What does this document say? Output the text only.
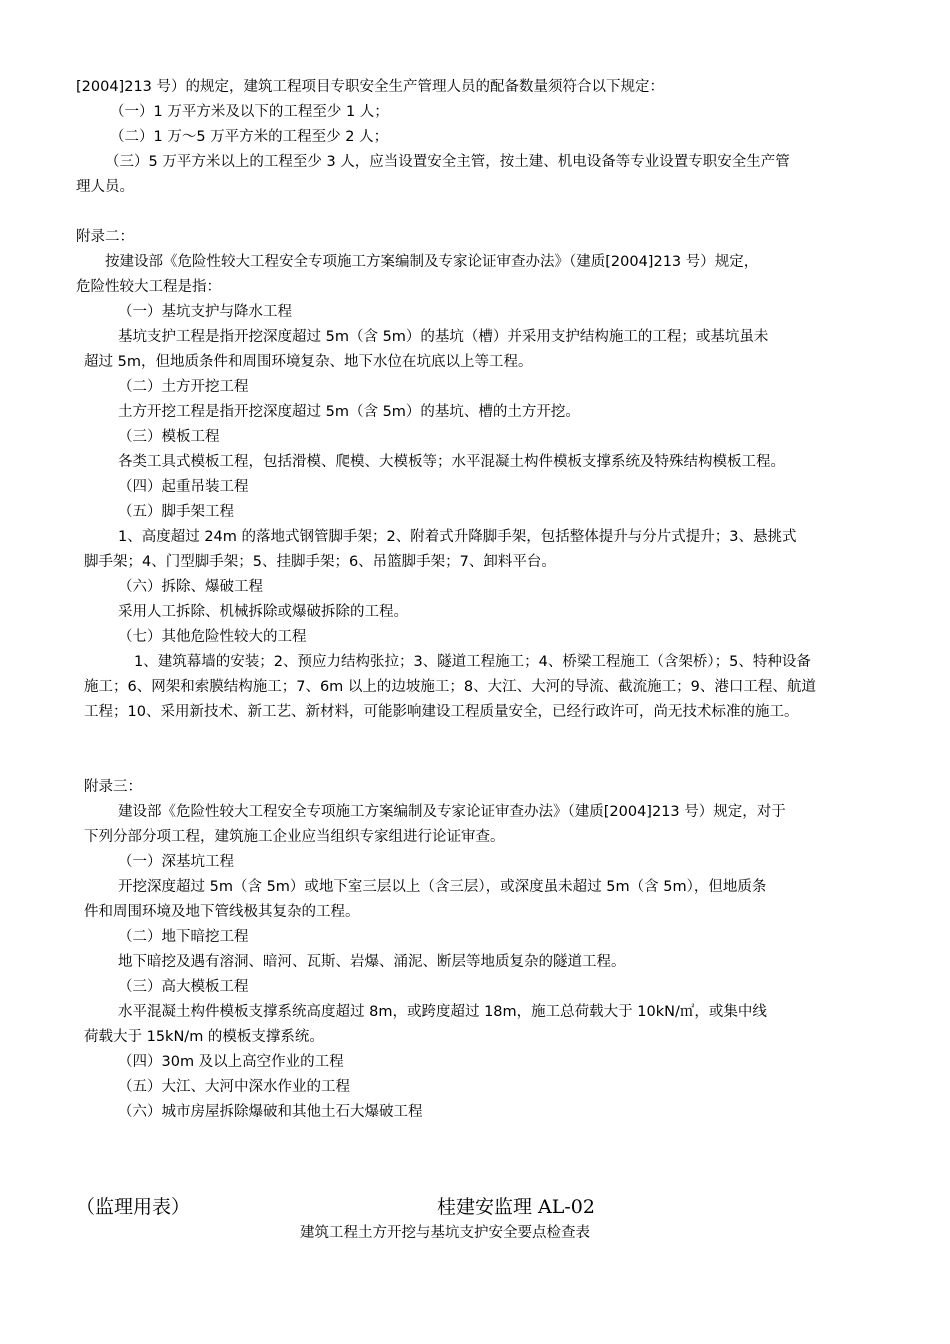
[2004]213 号）的规定，建筑工程项目专职安全生产管理人员的配备数量须符合以下规定：
（一）1 万平方米及以下的工程至少 1 人；
（二）1 万～5 万平方米的工程至少 2 人；
（三）5 万平方米以上的工程至少 3 人，应当设置安全主管，按土建、机电设备等专业设置专职安全生产管
理人员。
附录二：
按建设部《危险性较大工程安全专项施工方案编制及专家论证审查办法》（建质[2004]213 号）规定，
危险性较大工程是指：
（一）基坑支护与降水工程
基坑支护工程是指开挖深度超过 5m（含 5m）的基坑（槽）并采用支护结构施工的工程；或基坑虽未
超过 5m，但地质条件和周围环境复杂、地下水位在坑底以上等工程。
（二）土方开挖工程
土方开挖工程是指开挖深度超过 5m（含 5m）的基坑、槽的土方开挖。
（三）模板工程
各类工具式模板工程，包括滑模、爬模、大模板等；水平混凝土构件模板支撑系统及特殊结构模板工程。
（四）起重吊装工程
（五）脚手架工程
1、高度超过 24m 的落地式钢管脚手架；2、附着式升降脚手架，包括整体提升与分片式提升；3、悬挑式
脚手架；4、门型脚手架；5、挂脚手架；6、吊篮脚手架；7、卸料平台。
（六）拆除、爆破工程
采用人工拆除、机械拆除或爆破拆除的工程。
（七）其他危险性较大的工程
1、建筑幕墙的安装；2、预应力结构张拉；3、隧道工程施工；4、桥梁工程施工（含架桥）；5、特种设备
施工；6、网架和索膜结构施工；7、6m 以上的边坡施工；8、大江、大河的导流、截流施工；9、港口工程、航道
工程；10、采用新技术、新工艺、新材料，可能影响建设工程质量安全，已经行政许可，尚无技术标准的施工。
附录三：
建设部《危险性较大工程安全专项施工方案编制及专家论证审查办法》（建质[2004]213 号）规定，对于
下列分部分项工程，建筑施工企业应当组织专家组进行论证审查。
（一）深基坑工程
开挖深度超过 5m（含 5m）或地下室三层以上（含三层），或深度虽未超过 5m（含 5m），但地质条
件和周围环境及地下管线极其复杂的工程。
（二）地下暗挖工程
地下暗挖及遇有溶洞、暗河、瓦斯、岩爆、涌泥、断层等地质复杂的隧道工程。
（三）高大模板工程
水平混凝土构件模板支撑系统高度超过 8m，或跨度超过 18m，施工总荷载大于 10kN/㎡，或集中线
荷载大于 15kN/m 的模板支撑系统。
（四）30m 及以上高空作业的工程
（五）大江、大河中深水作业的工程
（六）城市房屋拆除爆破和其他土石大爆破工程
（监理用表）	桂建安监理 AL-02
建筑工程土方开挖与基坑支护安全要点检查表
